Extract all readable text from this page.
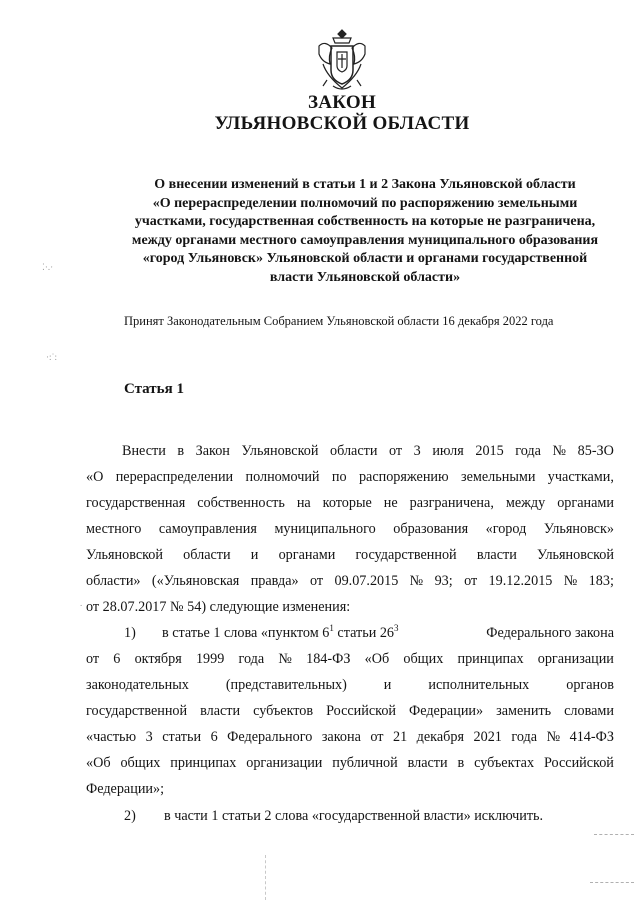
ЗАКОН
УЛЬЯНОВСКОЙ ОБЛАСТИ

О внесении изменений в статьи 1 и 2 Закона Ульяновской области
«О перераспределении полномочий по распоряжению земельными
участками, государственная собственность на которые не разграничена,
между органами местного самоуправления муниципального образования
«город Ульяновск» Ульяновской области и органами государственной
власти Ульяновской области»

Принят Законодательным Собранием Ульяновской области 16 декабря 2022 года
Статья 1
Внести в Закон Ульяновской области от 3 июля 2015 года № 85-ЗО
«О перераспределении полномочий по распоряжению земельными участками,
государственная собственность на которые не разграничена, между органами
местного самоуправления муниципального образования «город Ульяновск»
Ульяновской области и органами государственной власти Ульяновской
области» («Ульяновская правда» от 09.07.2015 № 93; от 19.12.2015 № 183;
от 28.07.2017 № 54) следующие изменения:
1) в статье 1 слова «пунктом $6^1$ статьи $26^3$	Федерального закона
от 6 октября 1999 года № 184-ФЗ «Об общих принципах организации
законодательных	(представительных)	и	исполнительных	органов
государственной власти субъектов Российской Федерации» заменить словами
«частью 3 статьи 6 Федерального закона от 21 декабря 2021 года № 414-ФЗ
«Об общих принципах организации публичной власти в субъектах Российской
Федерации»;
2) в части 1 статьи 2 слова «государственной власти» исключить.
⁚·.·
·:˙:
.
